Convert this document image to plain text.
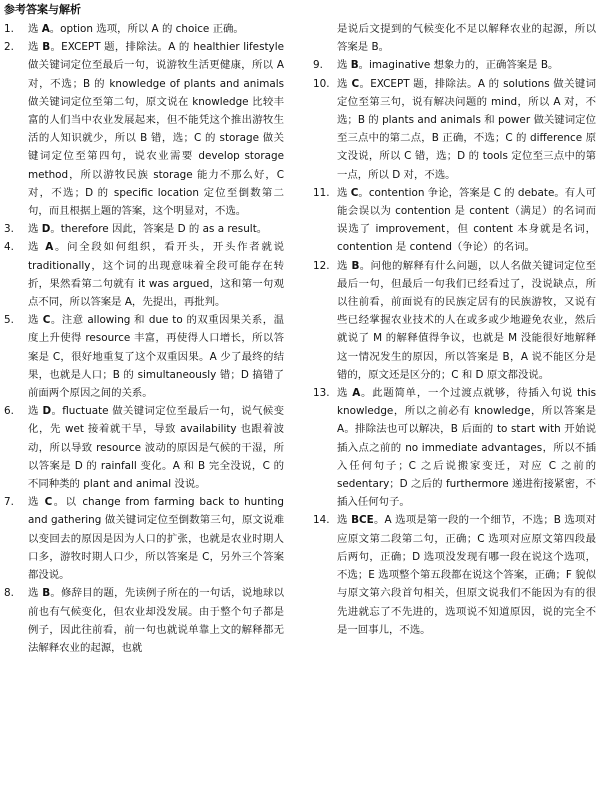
参考答案与解析
1. 选 A。option 选项，所以 A 的 choice 正确。
2. 选 B。EXCEPT 题，排除法。A 的 healthier lifestyle 做关键词定位至最后一句，说游牧生活更健康，所以 A 对，不选；B 的 knowledge of plants and animals 做关键词定位至第二句，原文说在 knowledge 比较丰富的人们当中农业发展起来，但不能凭这个推出游牧生活的人知识就少，所以 B 错，选；C 的 storage 做关键词定位至第四句，说农业需要 develop storage method，所以游牧民族 storage 能力不那么好，C 对，不选；D 的 specific location 定位至倒数第二句，而且根据上题的答案，这个明显对，不选。
3. 选 D。therefore 因此，答案是 D 的 as a result。
4. 选 A。问全段如何组织，看开头，开头作者就说 traditionally，这个词的出现意味着全段可能存在转折，果然看第二句就有 it was argued，这和第一句观点不同，所以答案是 A，先提出，再批判。
5. 选 C。注意 allowing 和 due to 的双重因果关系，温度上升使得 resource 丰富，再使得人口增长，所以答案是 C，很好地重复了这个双重因果。A 少了最终的结果，也就是人口；B 的 simultaneously 错；D 搞错了前面两个原因之间的关系。
6. 选 D。fluctuate 做关键词定位至最后一句，说气候变化，先 wet 接着就干旱，导致 availability 也跟着波动，所以导致 resource 波动的原因是气候的干湿，所以答案是 D 的 rainfall 变化。A 和 B 完全没说，C 的不同种类的 plant and animal 没说。
7. 选 C。以 change from farming back to hunting and gathering 做关键词定位至倒数第三句，原文说难以变回去的原因是因为人口的扩张，也就是农业时期人口多，游牧时期人口少，所以答案是 C，另外三个答案都没说。
8. 选 B。修辞目的题，先读例子所在的一句话，说地球以前也有气候变化，但农业却没发展。由于整个句子都是例子，因此往前看，前一句也就说单靠上文的解释都无法解释农业的起源，也就
是说后文提到的气候变化不足以解释农业的起源，所以答案是 B。
9. 选 B。imaginative 想象力的，正确答案是 B。
10. 选 C。EXCEPT 题，排除法。A 的 solutions 做关键词定位至第三句，说有解决问题的 mind，所以 A 对，不选；B 的 plants and animals 和 power 做关键词定位至三点中的第二点，B 正确，不选；C 的 difference 原文没说，所以 C 错，选；D 的 tools 定位至三点中的第一点，所以 D 对，不选。
11. 选 C。contention 争论，答案是 C 的 debate。有人可能会误以为 contention 是 content（满足）的名词而误选了 improvement，但 content 本身就是名词，contention 是 contend（争论）的名词。
12. 选 B。问他的解释有什么问题，以人名做关键词定位至最后一句，但最后一句我们已经看过了，没说缺点，所以往前看，前面说有的民族定居有的民族游牧，又说有些已经掌握农业技术的人在或多或少地避免农业，然后就说了 M 的解释值得争议，也就是 M 没能很好地解释这一情况发生的原因，所以答案是 B，A 说不能区分是错的，原文还是区分的；C 和 D 原文都没说。
13. 选 A。此题简单，一个过渡点就够，待插入句说 this knowledge，所以之前必有 knowledge，所以答案是 A。排除法也可以解决，B 后面的 to start with 开始说插入点之前的 no immediate advantages，所以不插入任何句子；C 之后说搬家变迁，对应 C 之前的 sedentary；D 之后的 furthermore 递进衔接紧密，不插入任何句子。
14. 选 BCE。A 选项是第一段的一个细节，不选；B 选项对应原文第二段第二句，正确；C 选项对应原文第四段最后两句，正确；D 选项没发现有哪一段在说这个选项，不选；E 选项整个第五段都在说这个答案，正确；F 貌似与原文第六段首句相关，但原文说我们不能因为有的很先进就忘了不先进的，选项说不知道原因，说的完全不是一回事儿，不选。
